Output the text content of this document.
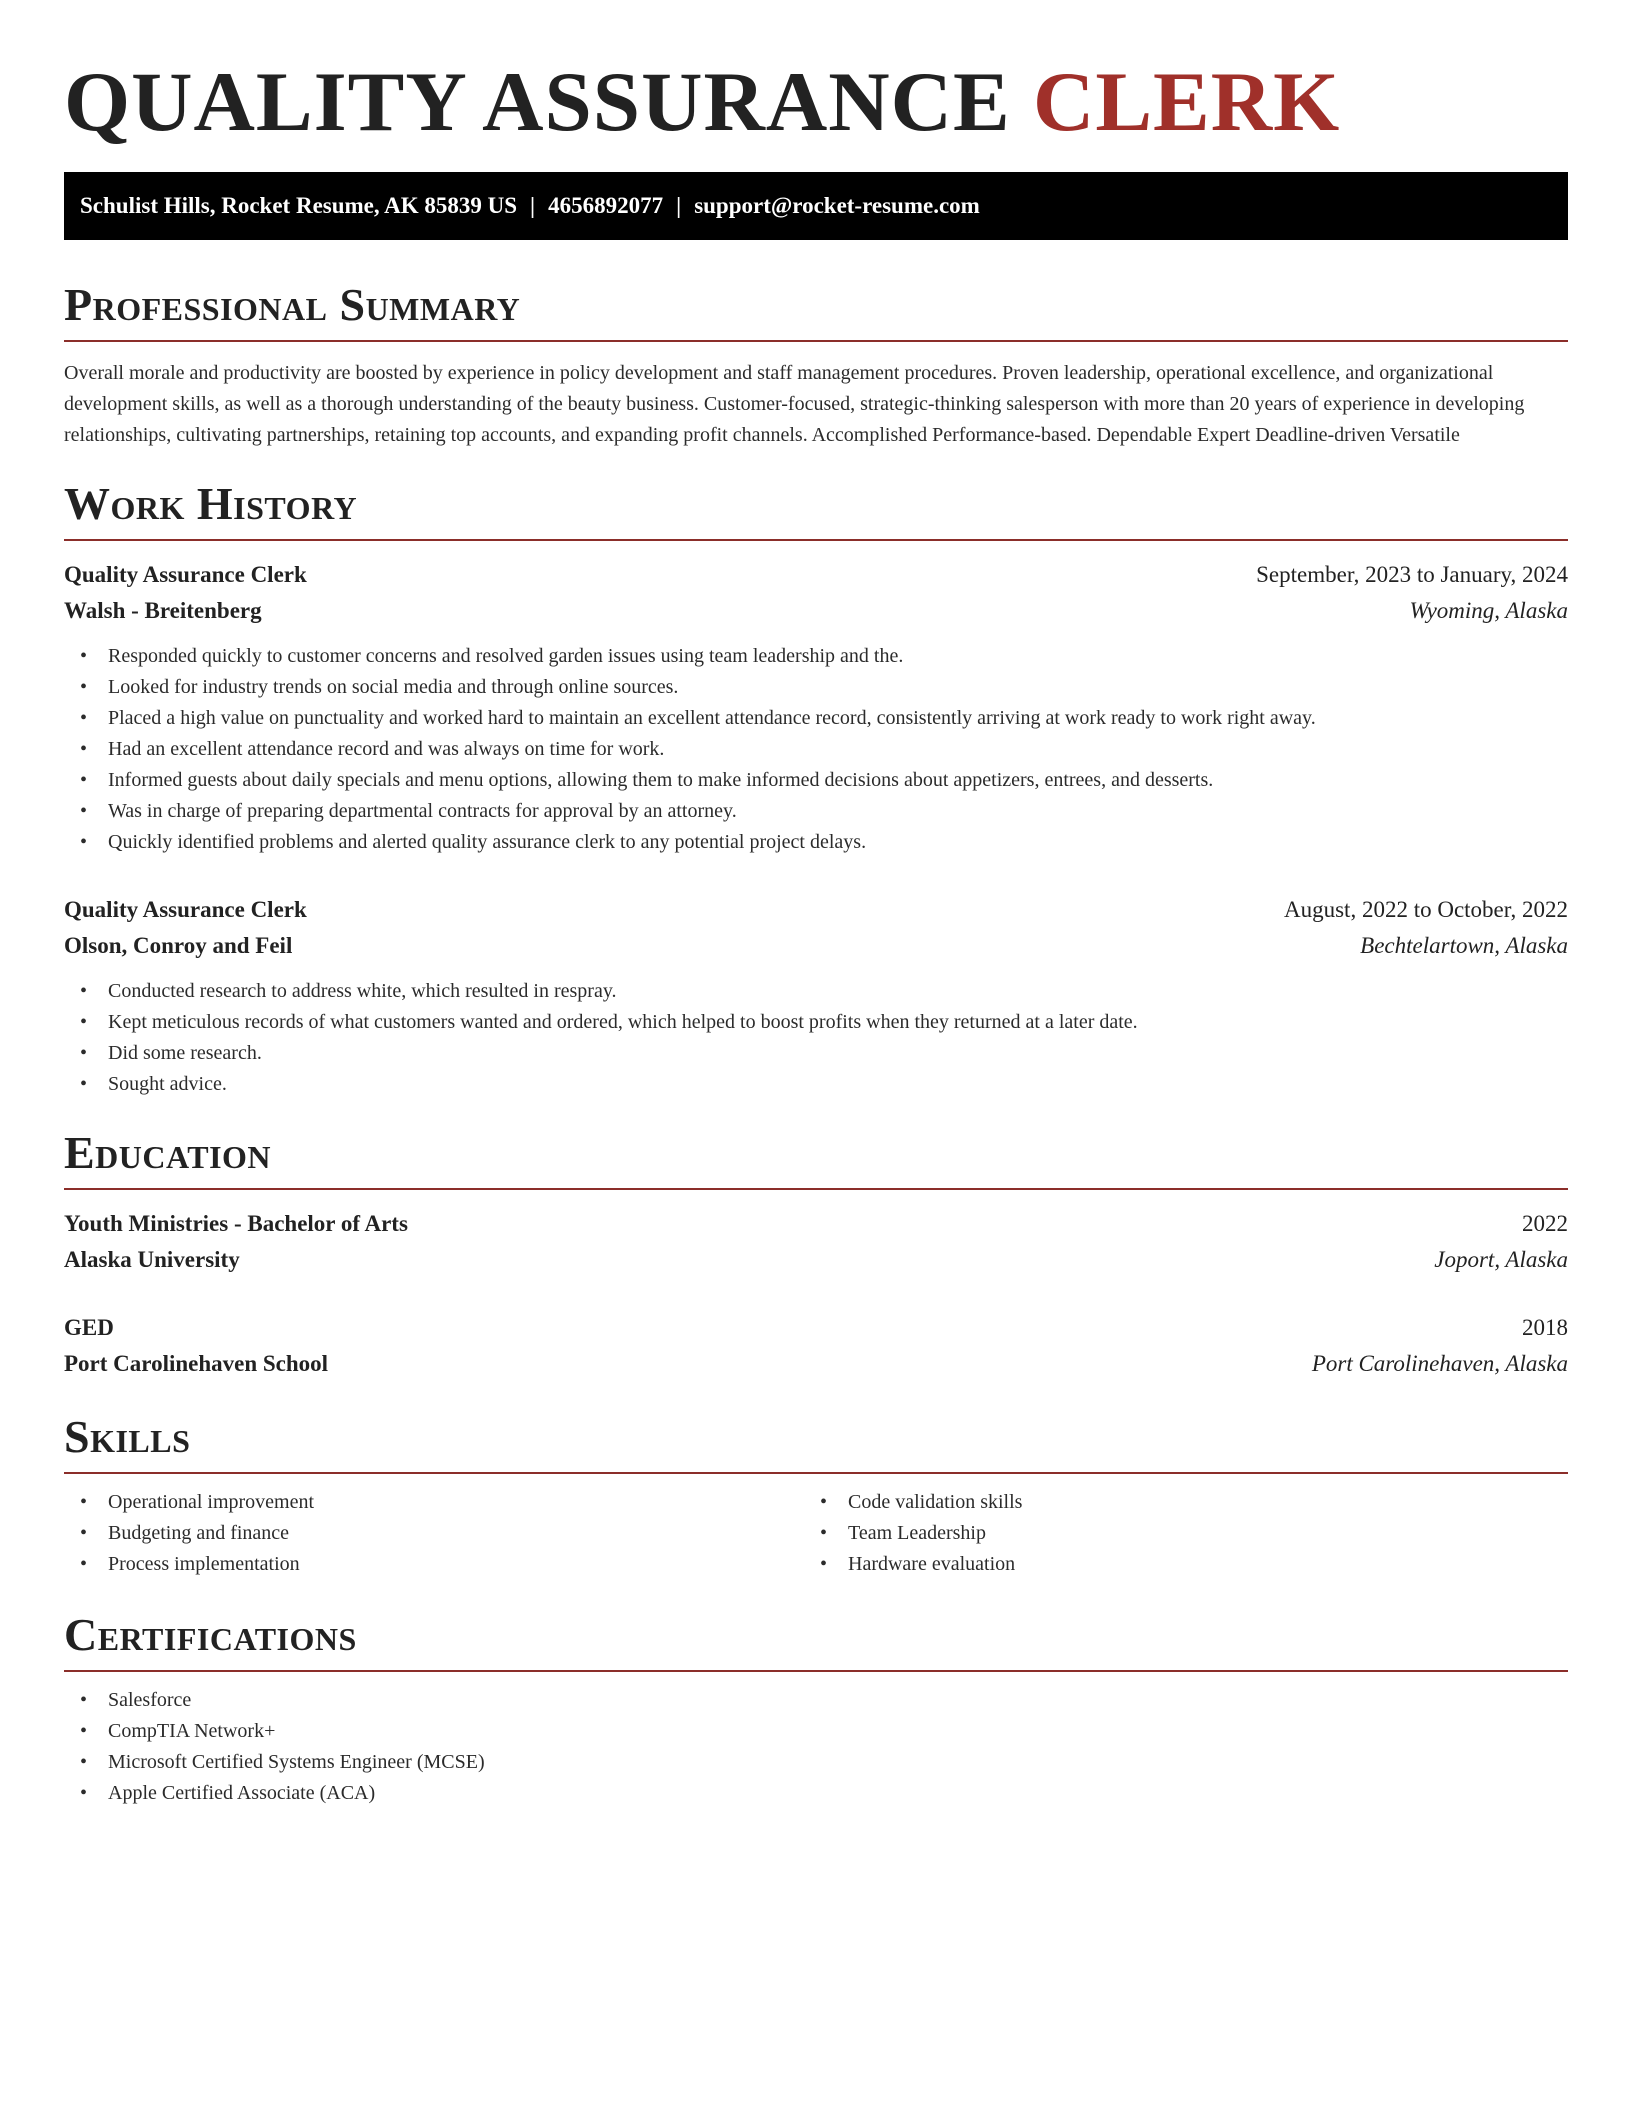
QUALITY ASSURANCE CLERK
Schulist Hills, Rocket Resume, AK 85839 US | 4656892077 | support@rocket-resume.com
Professional Summary

Overall morale and productivity are boosted by experience in policy development and staff management procedures. Proven leadership, operational excellence, and organizational development skills, as well as a thorough understanding of the beauty business. Customer-focused, strategic-thinking salesperson with more than 20 years of experience in developing relationships, cultivating partnerships, retaining top accounts, and expanding profit channels. Accomplished Performance-based. Dependable Expert Deadline-driven Versatile

Work History
Quality Assurance Clerk	September, 2023 to January, 2024
Walsh - Breitenberg	Wyoming, Alaska
• Responded quickly to customer concerns and resolved garden issues using team leadership and the.
• Looked for industry trends on social media and through online sources.
• Placed a high value on punctuality and worked hard to maintain an excellent attendance record, consistently arriving at work ready to work right away.
• Had an excellent attendance record and was always on time for work.
• Informed guests about daily specials and menu options, allowing them to make informed decisions about appetizers, entrees, and desserts.
• Was in charge of preparing departmental contracts for approval by an attorney.
• Quickly identified problems and alerted quality assurance clerk to any potential project delays.
Quality Assurance Clerk	August, 2022 to October, 2022
Olson, Conroy and Feil	Bechtelartown, Alaska
• Conducted research to address white, which resulted in respray.
• Kept meticulous records of what customers wanted and ordered, which helped to boost profits when they returned at a later date.
• Did some research.
• Sought advice.
Education
Youth Ministries - Bachelor of Arts	2022
Alaska University	Joport, Alaska
GED	2018
Port Carolinehaven School	Port Carolinehaven, Alaska
Skills
• Operational improvement
• Budgeting and finance
• Process implementation
• Code validation skills
• Team Leadership
• Hardware evaluation
Certifications
• Salesforce
• CompTIA Network+
• Microsoft Certified Systems Engineer (MCSE)
• Apple Certified Associate (ACA)
